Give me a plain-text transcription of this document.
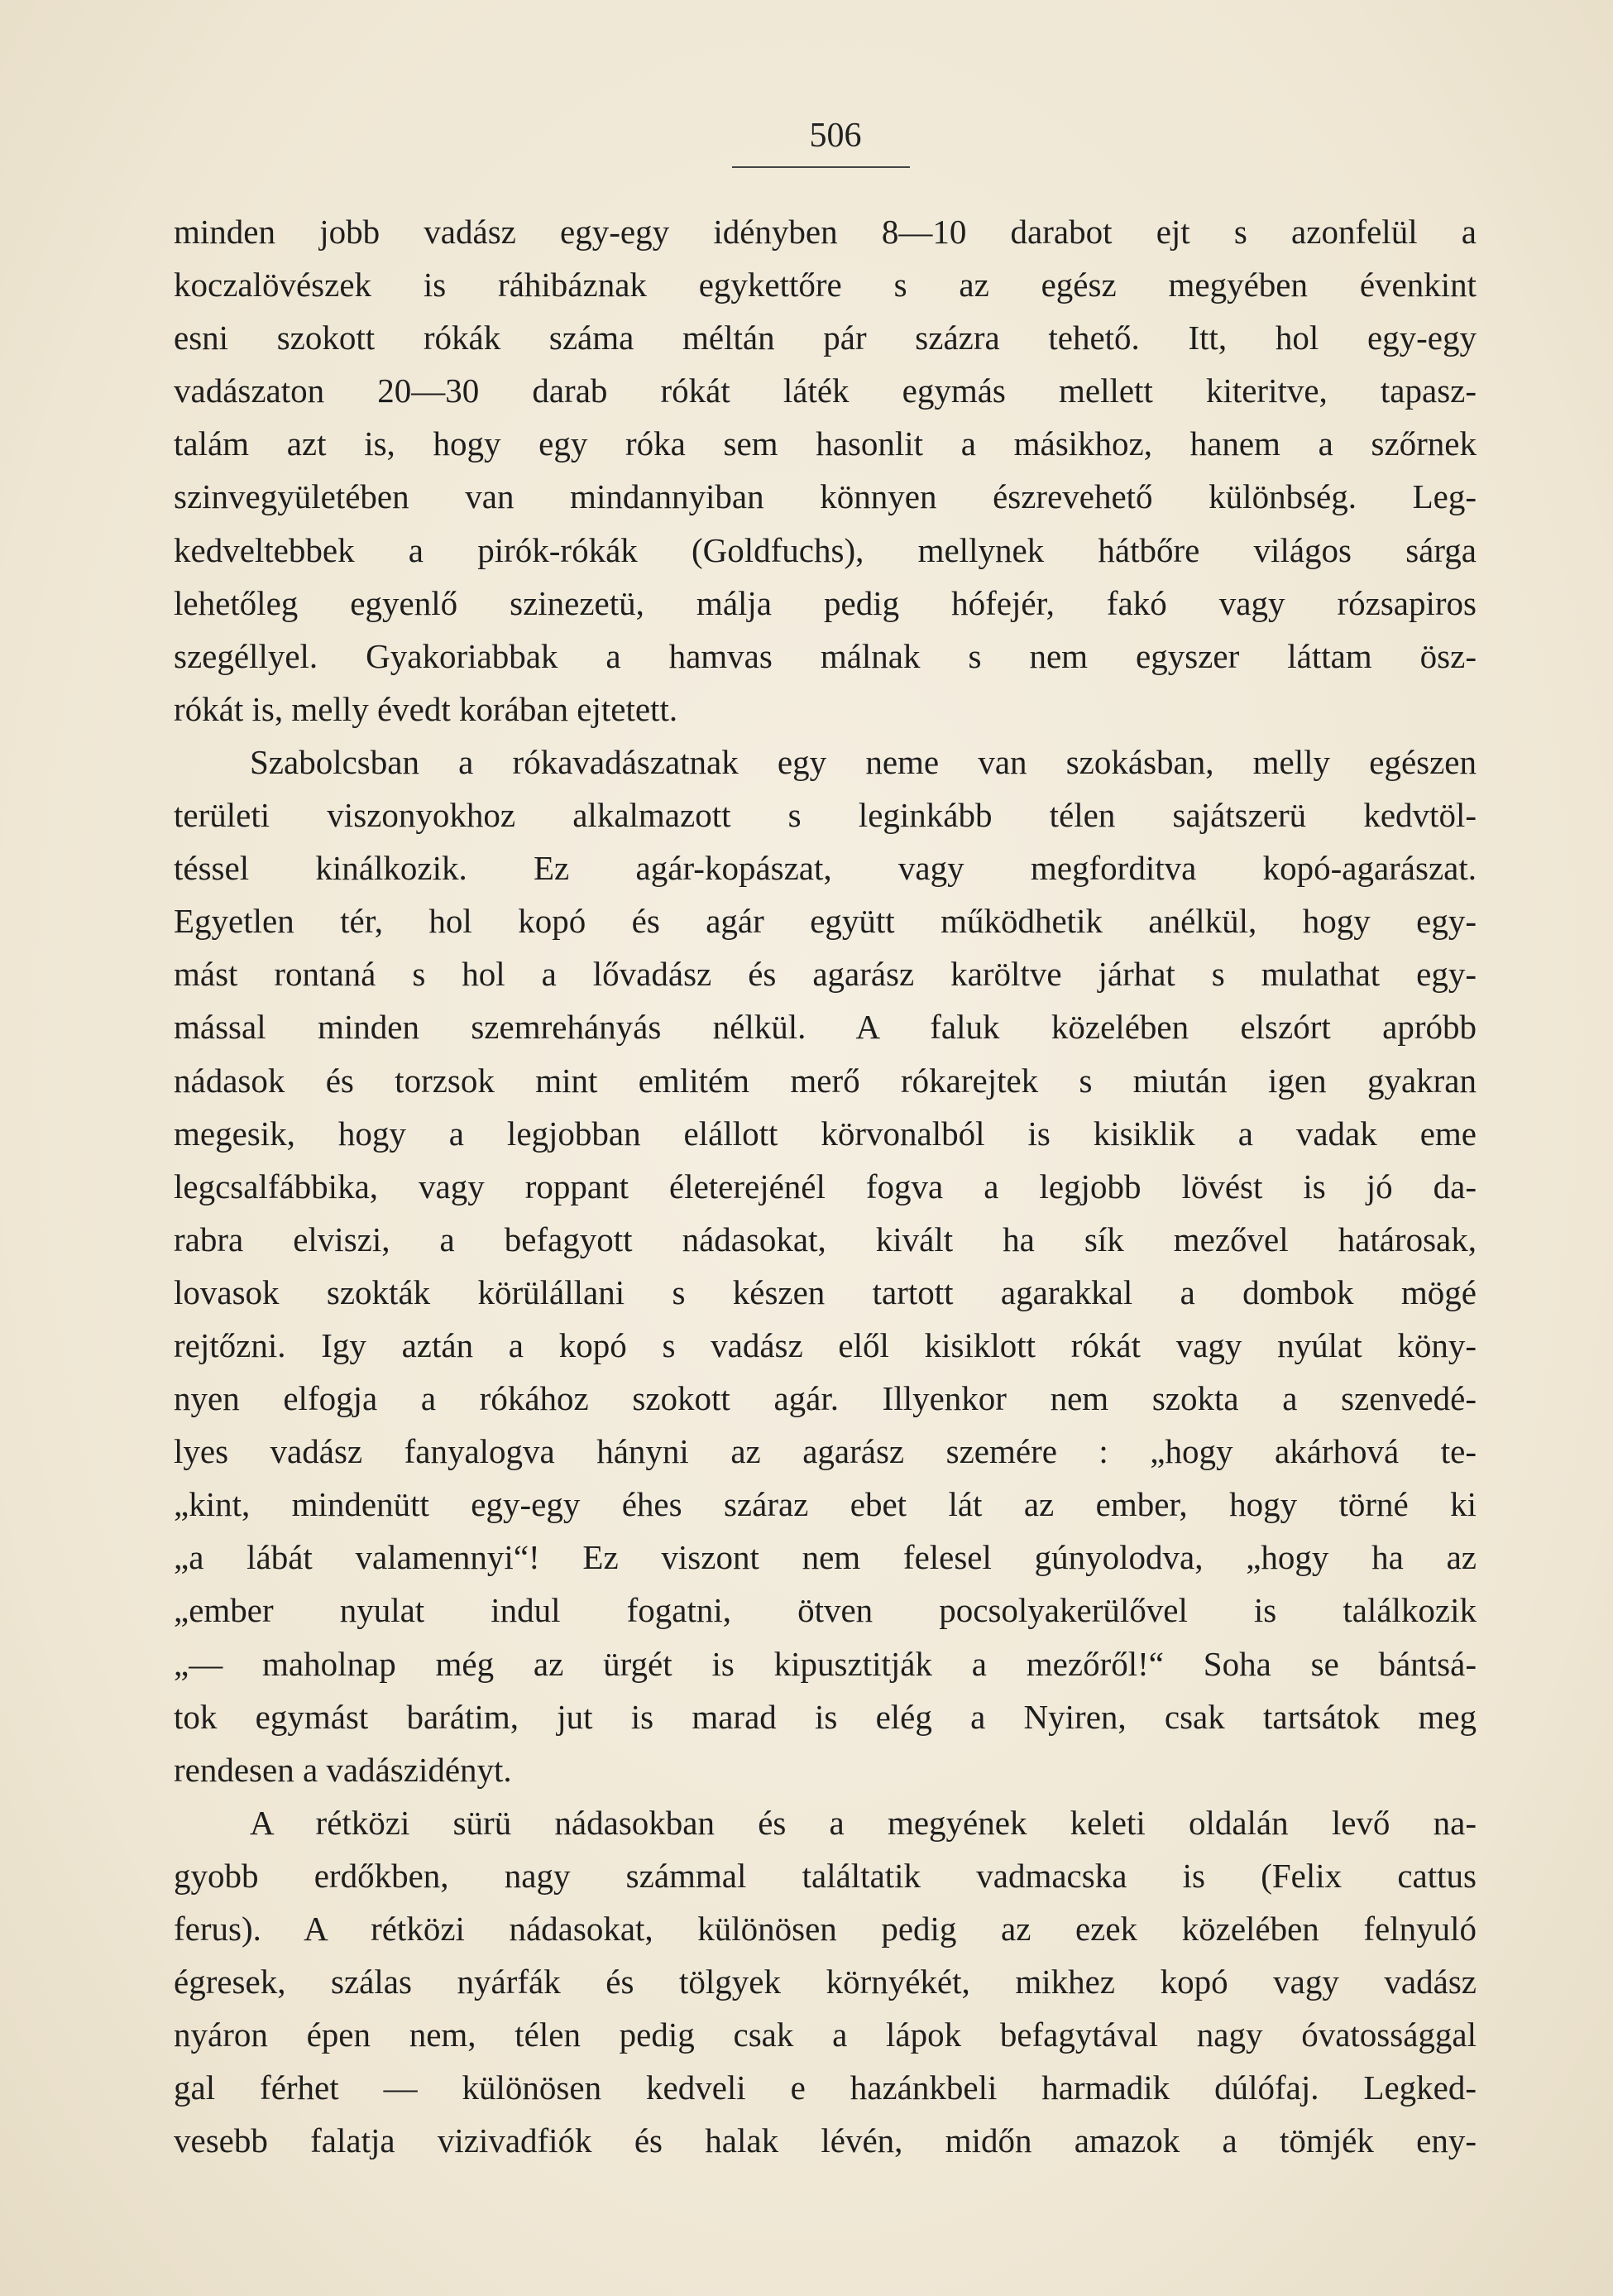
506
minden jobb vadász egy-egy idényben 8—10 darabot ejt s azonfelül a
koczalövészek is ráhibáznak egykettőre s az egész megyében évenkint
esni szokott rókák száma méltán pár százra tehető. Itt, hol egy-egy
vadászaton 20—30 darab rókát láték egymás mellett kiteritve, tapasz-
talám azt is, hogy egy róka sem hasonlit a másikhoz, hanem a szőrnek
szinvegyületében van mindannyiban könnyen észrevehető különbség. Leg-
kedveltebbek a pirók-rókák (Goldfuchs), mellynek hátbőre világos sárga
lehetőleg egyenlő szinezetü, málja pedig hófejér, fakó vagy rózsapiros
szegéllyel. Gyakoriabbak a hamvas málnak s nem egyszer láttam ösz-
rókát is, melly évedt korában ejtetett.
Szabolcsban a rókavadászatnak egy neme van szokásban, melly egészen
területi viszonyokhoz alkalmazott s leginkább télen sajátszerü kedvtöl-
téssel kinálkozik. Ez agár-kopászat, vagy megforditva kopó-agarászat.
Egyetlen tér, hol kopó és agár együtt működhetik anélkül, hogy egy-
mást rontaná s hol a lővadász és agarász karöltve járhat s mulathat egy-
mással minden szemrehányás nélkül. A faluk közelében elszórt apróbb
nádasok és torzsok mint emlitém merő rókarejtek s miután igen gyakran
megesik, hogy a legjobban elállott körvonalból is kisiklik a vadak eme
legcsalfábbika, vagy roppant életerejénél fogva a legjobb lövést is jó da-
rabra elviszi, a befagyott nádasokat, kivált ha sík mezővel határosak,
lovasok szokták körülállani s készen tartott agarakkal a dombok mögé
rejtőzni. Igy aztán a kopó s vadász elől kisiklott rókát vagy nyúlat köny-
nyen elfogja a rókához szokott agár. Illyenkor nem szokta a szenvedé-
lyes vadász fanyalogva hányni az agarász szemére : „hogy akárhová te-
„kint, mindenütt egy-egy éhes száraz ebet lát az ember, hogy törné ki
„a lábát valamennyi“! Ez viszont nem felesel gúnyolodva, „hogy ha az
„ember nyulat indul fogatni, ötven pocsolyakerülővel is találkozik
„— maholnap még az ürgét is kipusztitják a mezőről!“ Soha se bántsá-
tok egymást barátim, jut is marad is elég a Nyiren, csak tartsátok meg
rendesen a vadászidényt.
A rétközi sürü nádasokban és a megyének keleti oldalán levő na-
gyobb erdőkben, nagy számmal találtatik vadmacska is (Felix cattus
ferus). A rétközi nádasokat, különösen pedig az ezek közelében felnyuló
égresek, szálas nyárfák és tölgyek környékét, mikhez kopó vagy vadász
nyáron épen nem, télen pedig csak a lápok befagytával nagy óvatossággal
gal férhet — különösen kedveli e hazánkbeli harmadik dúlófaj. Legked-
vesebb falatja vizivadfiók és halak lévén, midőn amazok a tömjék eny-
